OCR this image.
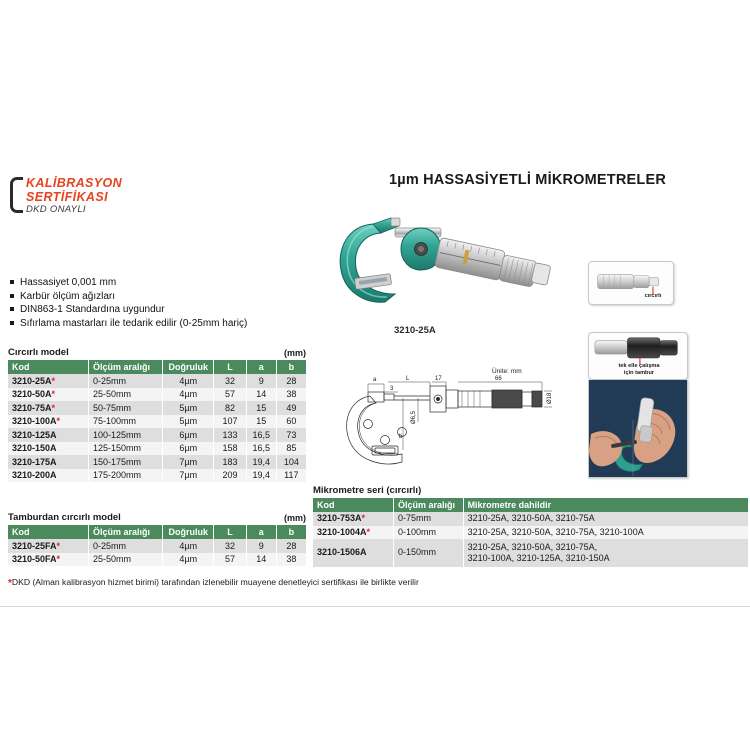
KALİBRASYON
SERTİFİKASI
DKD ONAYLI
Hassasiyet 0,001 mm
Karbür ölçüm ağızları
DIN863-1 Standardına uygundur
Sıfırlama mastarları ile tedarik edilir (0-25mm hariç)
1µm HASSASİYETLİ MİKROMETRELER
3210-25A
cırcırlı
tek elle çalışma
için tambur
Ünite: mm
a	L	17	66
3
b
Ø6,5
Ø18
Cırcırlı model	(mm)
Kod	Ölçüm aralığı	Doğruluk	L	a	b
3210-25A*	0-25mm	4µm	32	9	28
3210-50A*	25-50mm	4µm	57	14	38
3210-75A*	50-75mm	5µm	82	15	49
3210-100A*	75-100mm	5µm	107	15	60
3210-125A	100-125mm	6µm	133	16,5	73
3210-150A	125-150mm	6µm	158	16,5	85
3210-175A	150-175mm	7µm	183	19,4	104
3210-200A	175-200mm	7µm	209	19,4	117
Tamburdan cırcırlı model	(mm)
Kod	Ölçüm aralığı	Doğruluk	L	a	b
3210-25FA*	0-25mm	4µm	32	9	28
3210-50FA*	25-50mm	4µm	57	14	38
Mikrometre seri (cırcırlı)
Kod	Ölçüm aralığı	Mikrometre dahildir
3210-753A*	0-75mm	3210-25A, 3210-50A, 3210-75A
3210-1004A*	0-100mm	3210-25A, 3210-50A, 3210-75A, 3210-100A
3210-1506A	0-150mm	3210-25A, 3210-50A, 3210-75A,
3210-100A, 3210-125A, 3210-150A
*DKD (Alman kalibrasyon hizmet birimi) tarafından izlenebilir muayene denetleyici sertifikası ile birlikte verilir
